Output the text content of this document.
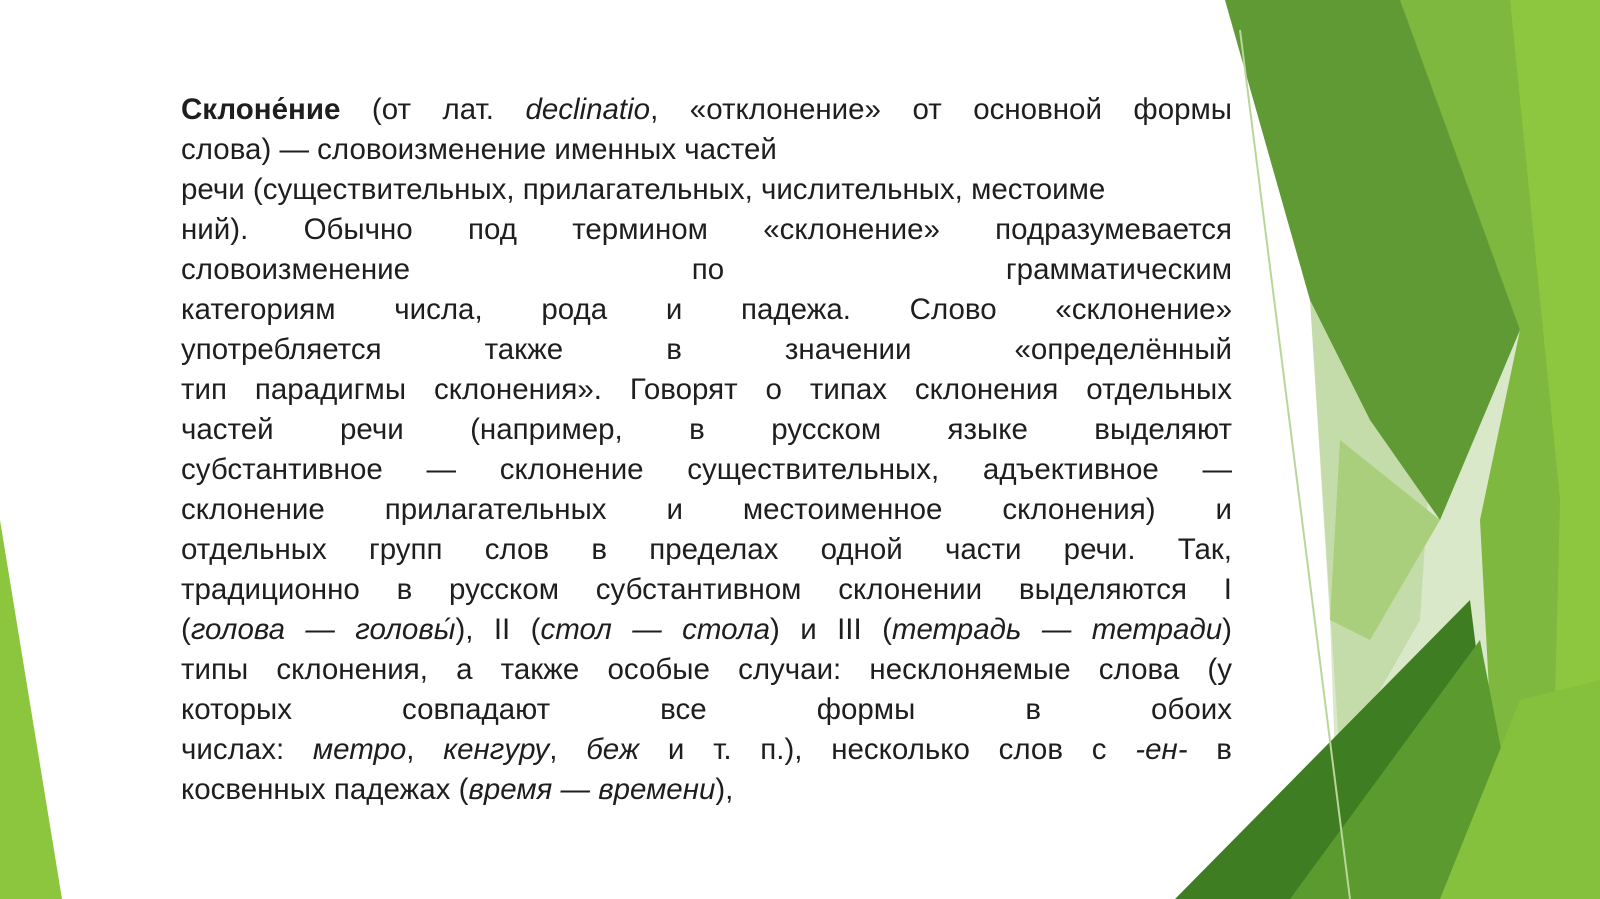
Склоне́ние (от лат. declinatio, «отклонение» от основной формы
слова) — словоизменение именных частей
речи (существительных, прилагательных, числительных, местоиме
ний). Обычно под термином «склонение» подразумевается
словоизменение по грамматическим
категориям числа, рода и падежа. Слово «склонение»
употребляется также в значении «определённый
тип парадигмы склонения». Говорят о типах склонения отдельных
частей речи (например, в русском языке выделяют
субстантивное — склонение существительных, адъективное —
склонение прилагательных и местоименное склонения) и
отдельных групп слов в пределах одной части речи. Так,
традиционно в русском субстантивном склонении выделяются I
(голова — головы́), II (стол — стола) и III (тетрадь — тетради)
типы склонения, а также особые случаи: несклоняемые слова (у
которых совпадают все формы в обоих
числах: метро, кенгуру, беж и т. п.), несколько слов с -ен- в
косвенных падежах (время — времени),
